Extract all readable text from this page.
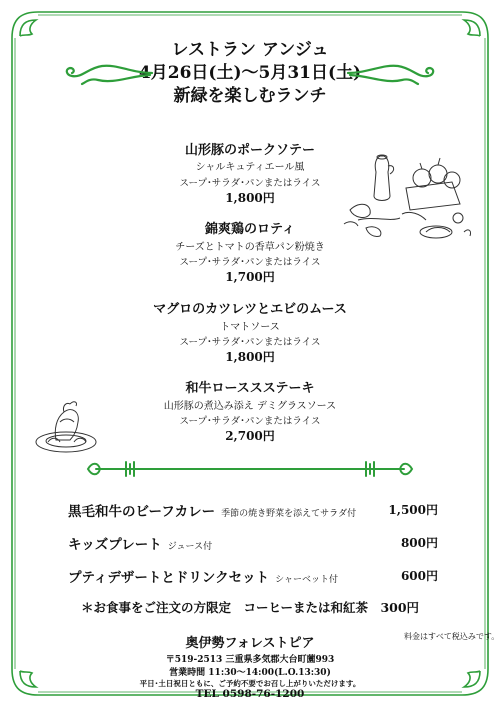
レストラン アンジュ
4月26日(土)〜5月31日(土)
新緑を楽しむランチ
山形豚のポークソテー
シャルキュティエール風
スープ･サラダ･パンまたはライス
1,800円
錦爽鶏のロティ
チーズとトマトの香草パン粉焼き
スープ･サラダ･パンまたはライス
1,700円
マグロのカツレツとエビのムース
トマトソース
スープ･サラダ･パンまたはライス
1,800円
和牛ローススステーキ
山形豚の煮込み添え デミグラスソース
スープ･サラダ･パンまたはライス
2,700円
黒毛和牛のビーフカレー 季節の焼き野菜を添えてサラダ付	1,500円
キッズプレート ジュース付	800円
プティデザートとドリンクセット シャーベット付	600円
＊お食事をご注文の方限定　コーヒーまたは和紅茶　300円
料金はすべて税込みです。
奥伊勢フォレストピア
〒519-2513 三重県多気郡大台町薗993
営業時間 11:30〜14:00(L.O.13:30)
平日･土日祝日ともに、ご予約不要でお召し上がりいただけます。
TEL 0598-76-1200
